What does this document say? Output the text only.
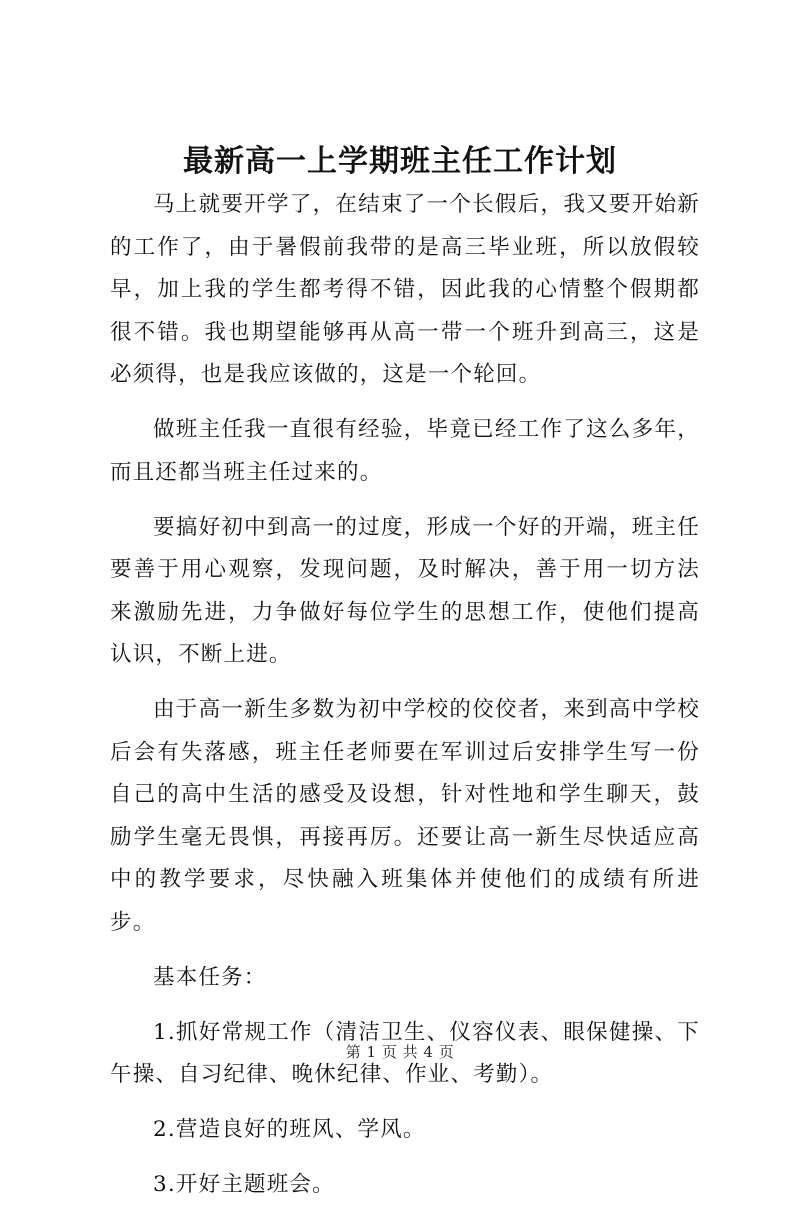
最新高一上学期班主任工作计划

马上就要开学了，在结束了一个长假后，我又要开始新的工作了，由于暑假前我带的是高三毕业班，所以放假较早，加上我的学生都考得不错，因此我的心情整个假期都很不错。我也期望能够再从高一带一个班升到高三，这是必须得，也是我应该做的，这是一个轮回。

做班主任我一直很有经验，毕竟已经工作了这么多年，而且还都当班主任过来的。

要搞好初中到高一的过度，形成一个好的开端，班主任要善于用心观察，发现问题，及时解决，善于用一切方法来激励先进，力争做好每位学生的思想工作，使他们提高认识，不断上进。

由于高一新生多数为初中学校的佼佼者，来到高中学校后会有失落感，班主任老师要在军训过后安排学生写一份自己的高中生活的感受及设想，针对性地和学生聊天，鼓励学生毫无畏惧，再接再厉。还要让高一新生尽快适应高中的教学要求，尽快融入班集体并使他们的成绩有所进步。

基本任务：

1.抓好常规工作（清洁卫生、仪容仪表、眼保健操、下午操、自习纪律、晚休纪律、作业、考勤）。

2.营造良好的班风、学风。

3.开好主题班会。

第 1 页 共 4 页
